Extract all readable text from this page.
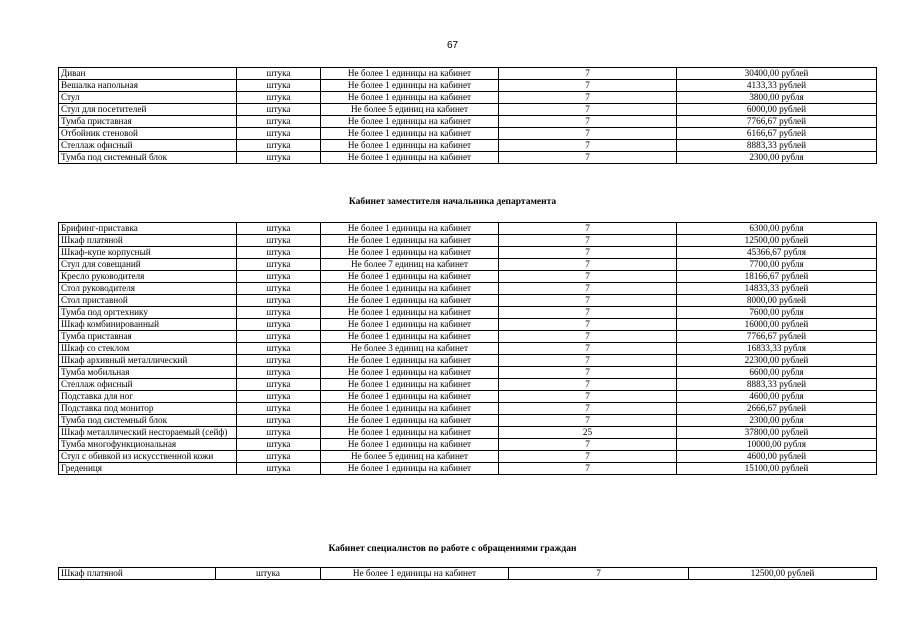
67
Диван	штука	Не более 1 единицы на кабинет	7	30400,00 рублей
Вешалка напольная	штука	Не более 1 единицы на кабинет	7	4133,33 рублей
Стул	штука	Не более 1 единицы на кабинет	7	3800,00 рубля
Стул для посетителей	штука	Не более 5 единиц на кабинет	7	6000,00 рублей
Тумба приставная	штука	Не более 1 единицы на кабинет	7	7766,67 рублей
Отбойник стеновой	штука	Не более 1 единицы на кабинет	7	6166,67 рублей
Стеллаж офисный	штука	Не более 1 единицы на кабинет	7	8883,33 рублей
Тумба под системный блок	штука	Не более 1 единицы на кабинет	7	2300,00 рубля
Кабинет заместителя начальника департамента
Брифинг-приставка	штука	Не более 1 единицы на кабинет	7	6300,00 рубля
Шкаф платяной	штука	Не более 1 единицы на кабинет	7	12500,00 рублей
Шкаф-купе корпусный	штука	Не более 1 единицы на кабинет	7	45366,67 рубля
Стул для совещаний	штука	Не более 7 единиц на кабинет	7	7700,00 рубля
Кресло руководителя	штука	Не более 1 единицы на кабинет	7	18166,67 рублей
Стол руководителя	штука	Не более 1 единицы на кабинет	7	14833,33 рублей
Стол приставной	штука	Не более 1 единицы на кабинет	7	8000,00 рублей
Тумба под оргтехнику	штука	Не более 1 единицы на кабинет	7	7600,00 рубля
Шкаф комбинированный	штука	Не более 1 единицы на кабинет	7	16000,00 рублей
Тумба приставная	штука	Не более 1 единицы на кабинет	7	7766,67 рублей
Шкаф со стеклом	штука	Не более 3 единиц на кабинет	7	16833,33 рубля
Шкаф архивный металлический	штука	Не более 1 единицы на кабинет	7	22300,00 рублей
Тумба мобильная	штука	Не более 1 единицы на кабинет	7	6600,00 рубля
Стеллаж офисный	штука	Не более 1 единицы на кабинет	7	8883,33 рублей
Подставка для ног	штука	Не более 1 единицы на кабинет	7	4600,00 рубля
Подставка под монитор	штука	Не более 1 единицы на кабинет	7	2666,67 рублей
Тумба под системный блок	штука	Не более 1 единицы на кабинет	7	2300,00 рубля
Шкаф металлический несгораемый (сейф)	штука	Не более 1 единицы на кабинет	25	37800,00 рублей
Тумба многофункциональная	штука	Не более 1 единицы на кабинет	7	10000,00 рубля
Стул с обивкой из искусственной кожи	штука	Не более 5 единиц на кабинет	7	4600,00 рублей
Гредениця	штука	Не более 1 единицы на кабинет	7	15100,00 рублей
Кабинет специалистов по работе с обращениями граждан
Шкаф платяной	штука	Не более 1 единицы на кабинет	7	12500,00 рублей
